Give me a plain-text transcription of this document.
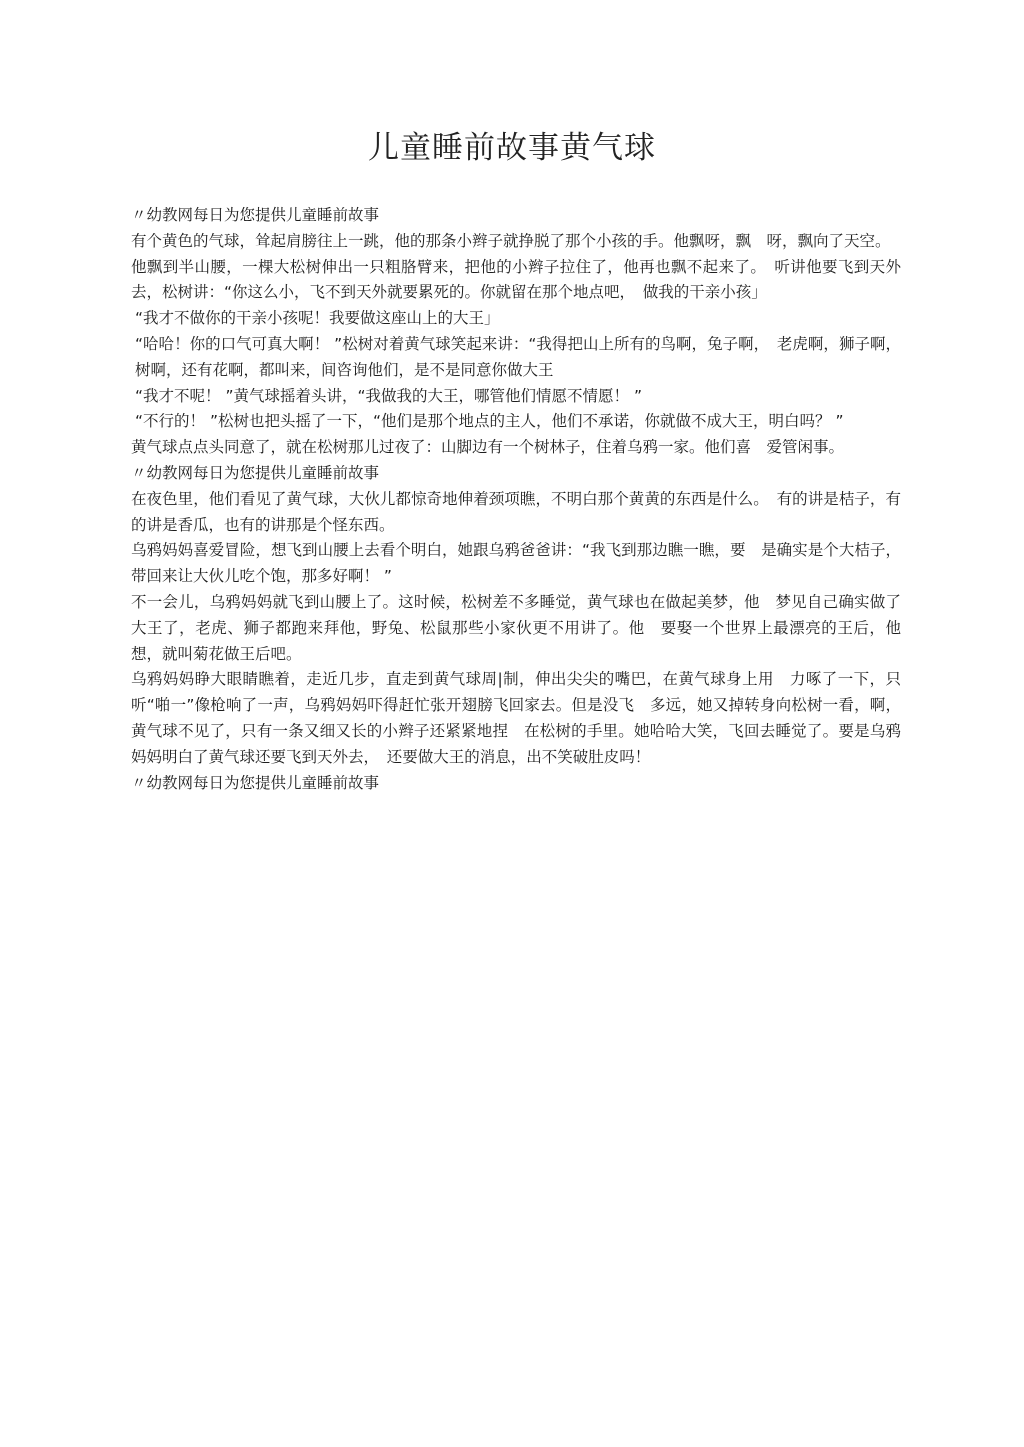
儿童睡前故事黄气球

〃幼教网每日为您提供儿童睡前故事

有个黄色的气球，耸起肩膀往上一跳，他的那条小辫子就挣脱了那个小孩的手。他飘呀，飘　呀，飘向了天空。

他飘到半山腰，一棵大松树伸出一只粗胳臂来，把他的小辫子拉住了，他再也飘不起来了。　听讲他要飞到天外去，松树讲：“你这么小，飞不到天外就要累死的。你就留在那个地点吧，　做我的干亲小孩」

“我才不做你的干亲小孩呢！我要做这座山上的大王」

“哈哈！你的口气可真大啊！ ”松树对着黄气球笑起来讲：“我得把山上所有的鸟啊，兔子啊，　老虎啊，狮子啊，树啊，还有花啊，都叫来，间咨询他们，是不是同意你做大王

“我才不呢！ ”黄气球摇着头讲，“我做我的大王，哪管他们情愿不情愿！ ”

“不行的！ ”松树也把头摇了一下，“他们是那个地点的主人，他们不承诺，你就做不成大王，明白吗？ ”

黄气球点点头同意了，就在松树那儿过夜了：山脚边有一个树林子，住着乌鸦一家。他们喜　爱管闲事。

〃幼教网每日为您提供儿童睡前故事

在夜色里，他们看见了黄气球，大伙儿都惊奇地伸着颈项瞧，不明白那个黄黄的东西是什么。　有的讲是桔子，有的讲是香瓜，也有的讲那是个怪东西。

乌鸦妈妈喜爱冒险，想飞到山腰上去看个明白，她跟乌鸦爸爸讲：“我飞到那边瞧一瞧，要　是确实是个大桔子，带回来让大伙儿吃个饱，那多好啊！ ”

不一会儿，乌鸦妈妈就飞到山腰上了。这时候，松树差不多睡觉，黄气球也在做起美梦，他　梦见自己确实做了大王了，老虎、狮子都跑来拜他，野兔、松鼠那些小家伙更不用讲了。他　要娶一个世界上最漂亮的王后，他想，就叫菊花做王后吧。

乌鸦妈妈睁大眼睛瞧着，走近几步，直走到黄气球周|制，伸出尖尖的嘴巴，在黄气球身上用　力啄了一下，只听“啪一”像枪响了一声，乌鸦妈妈吓得赶忙张开翅膀飞回家去。但是没飞　多远，她又掉转身向松树一看，啊，黄气球不见了，只有一条又细又长的小辫子还紧紧地捏　在松树的手里。她哈哈大笑，飞回去睡觉了。要是乌鸦妈妈明白了黄气球还要飞到天外去，　还要做大王的消息，出不笑破肚皮吗！

〃幼教网每日为您提供儿童睡前故事
